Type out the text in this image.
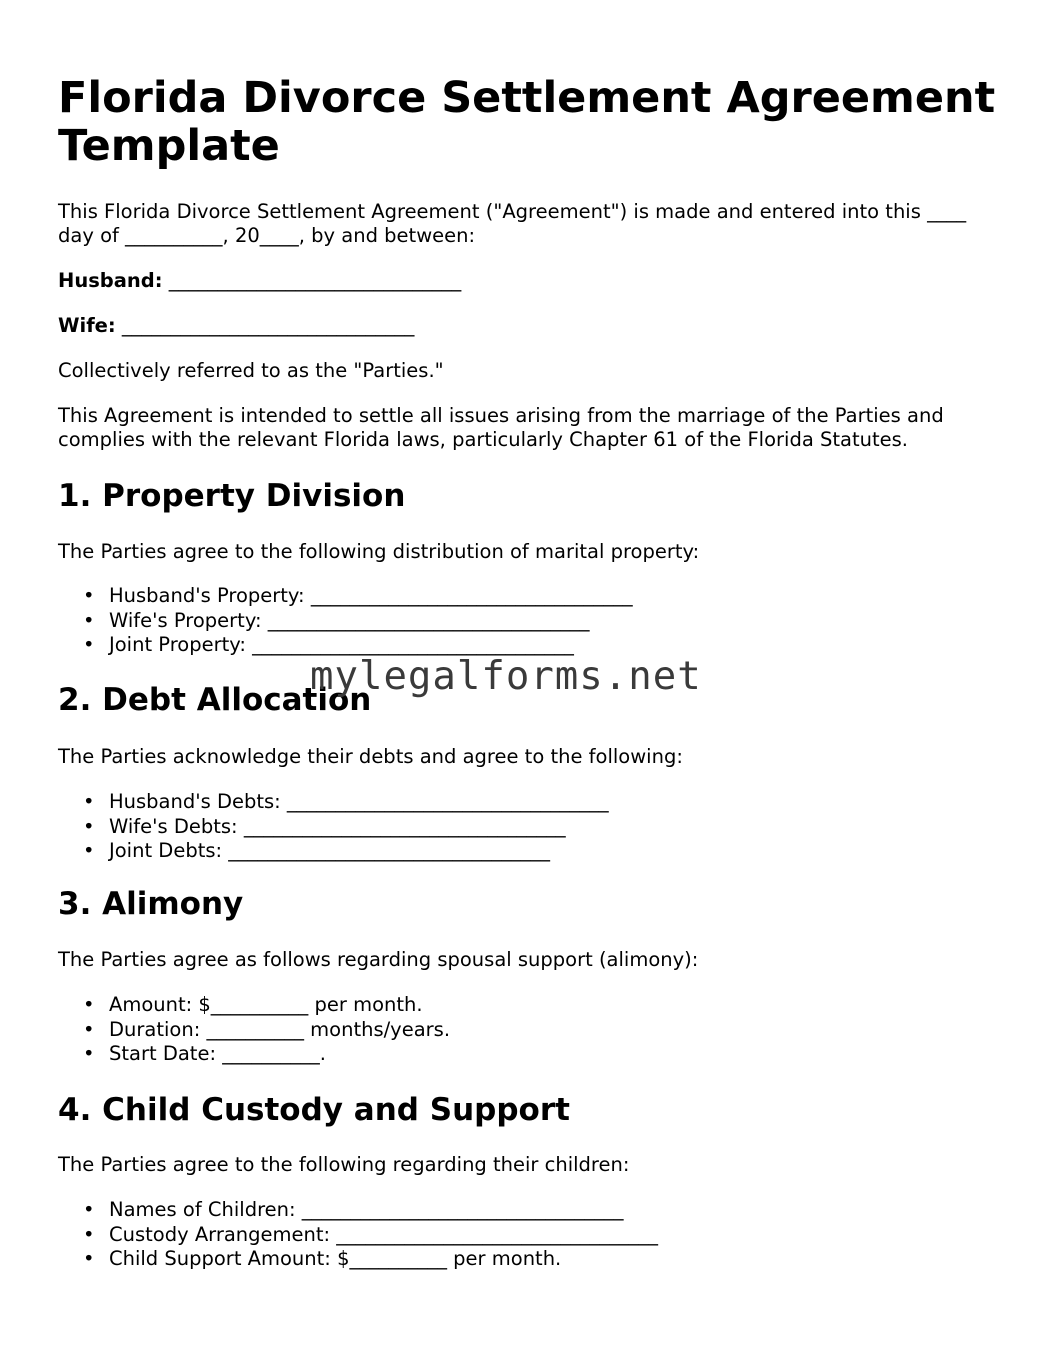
Florida Divorce Settlement Agreement Template

This Florida Divorce Settlement Agreement ("Agreement") is made and entered into this ____ day of __________, 20____, by and between:

Husband: ______________________________

Wife: ______________________________

Collectively referred to as the "Parties."

This Agreement is intended to settle all issues arising from the marriage of the Parties and complies with the relevant Florida laws, particularly Chapter 61 of the Florida Statutes.

1. Property Division

The Parties agree to the following distribution of marital property:

• Husband's Property: _________________________________
• Wife's Property: _________________________________
• Joint Property: _________________________________
2. Debt Allocation

The Parties acknowledge their debts and agree to the following:

• Husband's Debts: _________________________________
• Wife's Debts: _________________________________
• Joint Debts: _________________________________
3. Alimony

The Parties agree as follows regarding spousal support (alimony):

• Amount: $__________ per month.
• Duration: __________ months/years.
• Start Date: __________.
4. Child Custody and Support

The Parties agree to the following regarding their children:

• Names of Children: _________________________________
• Custody Arrangement: _________________________________
• Child Support Amount: $__________ per month.
mylegalforms.net
